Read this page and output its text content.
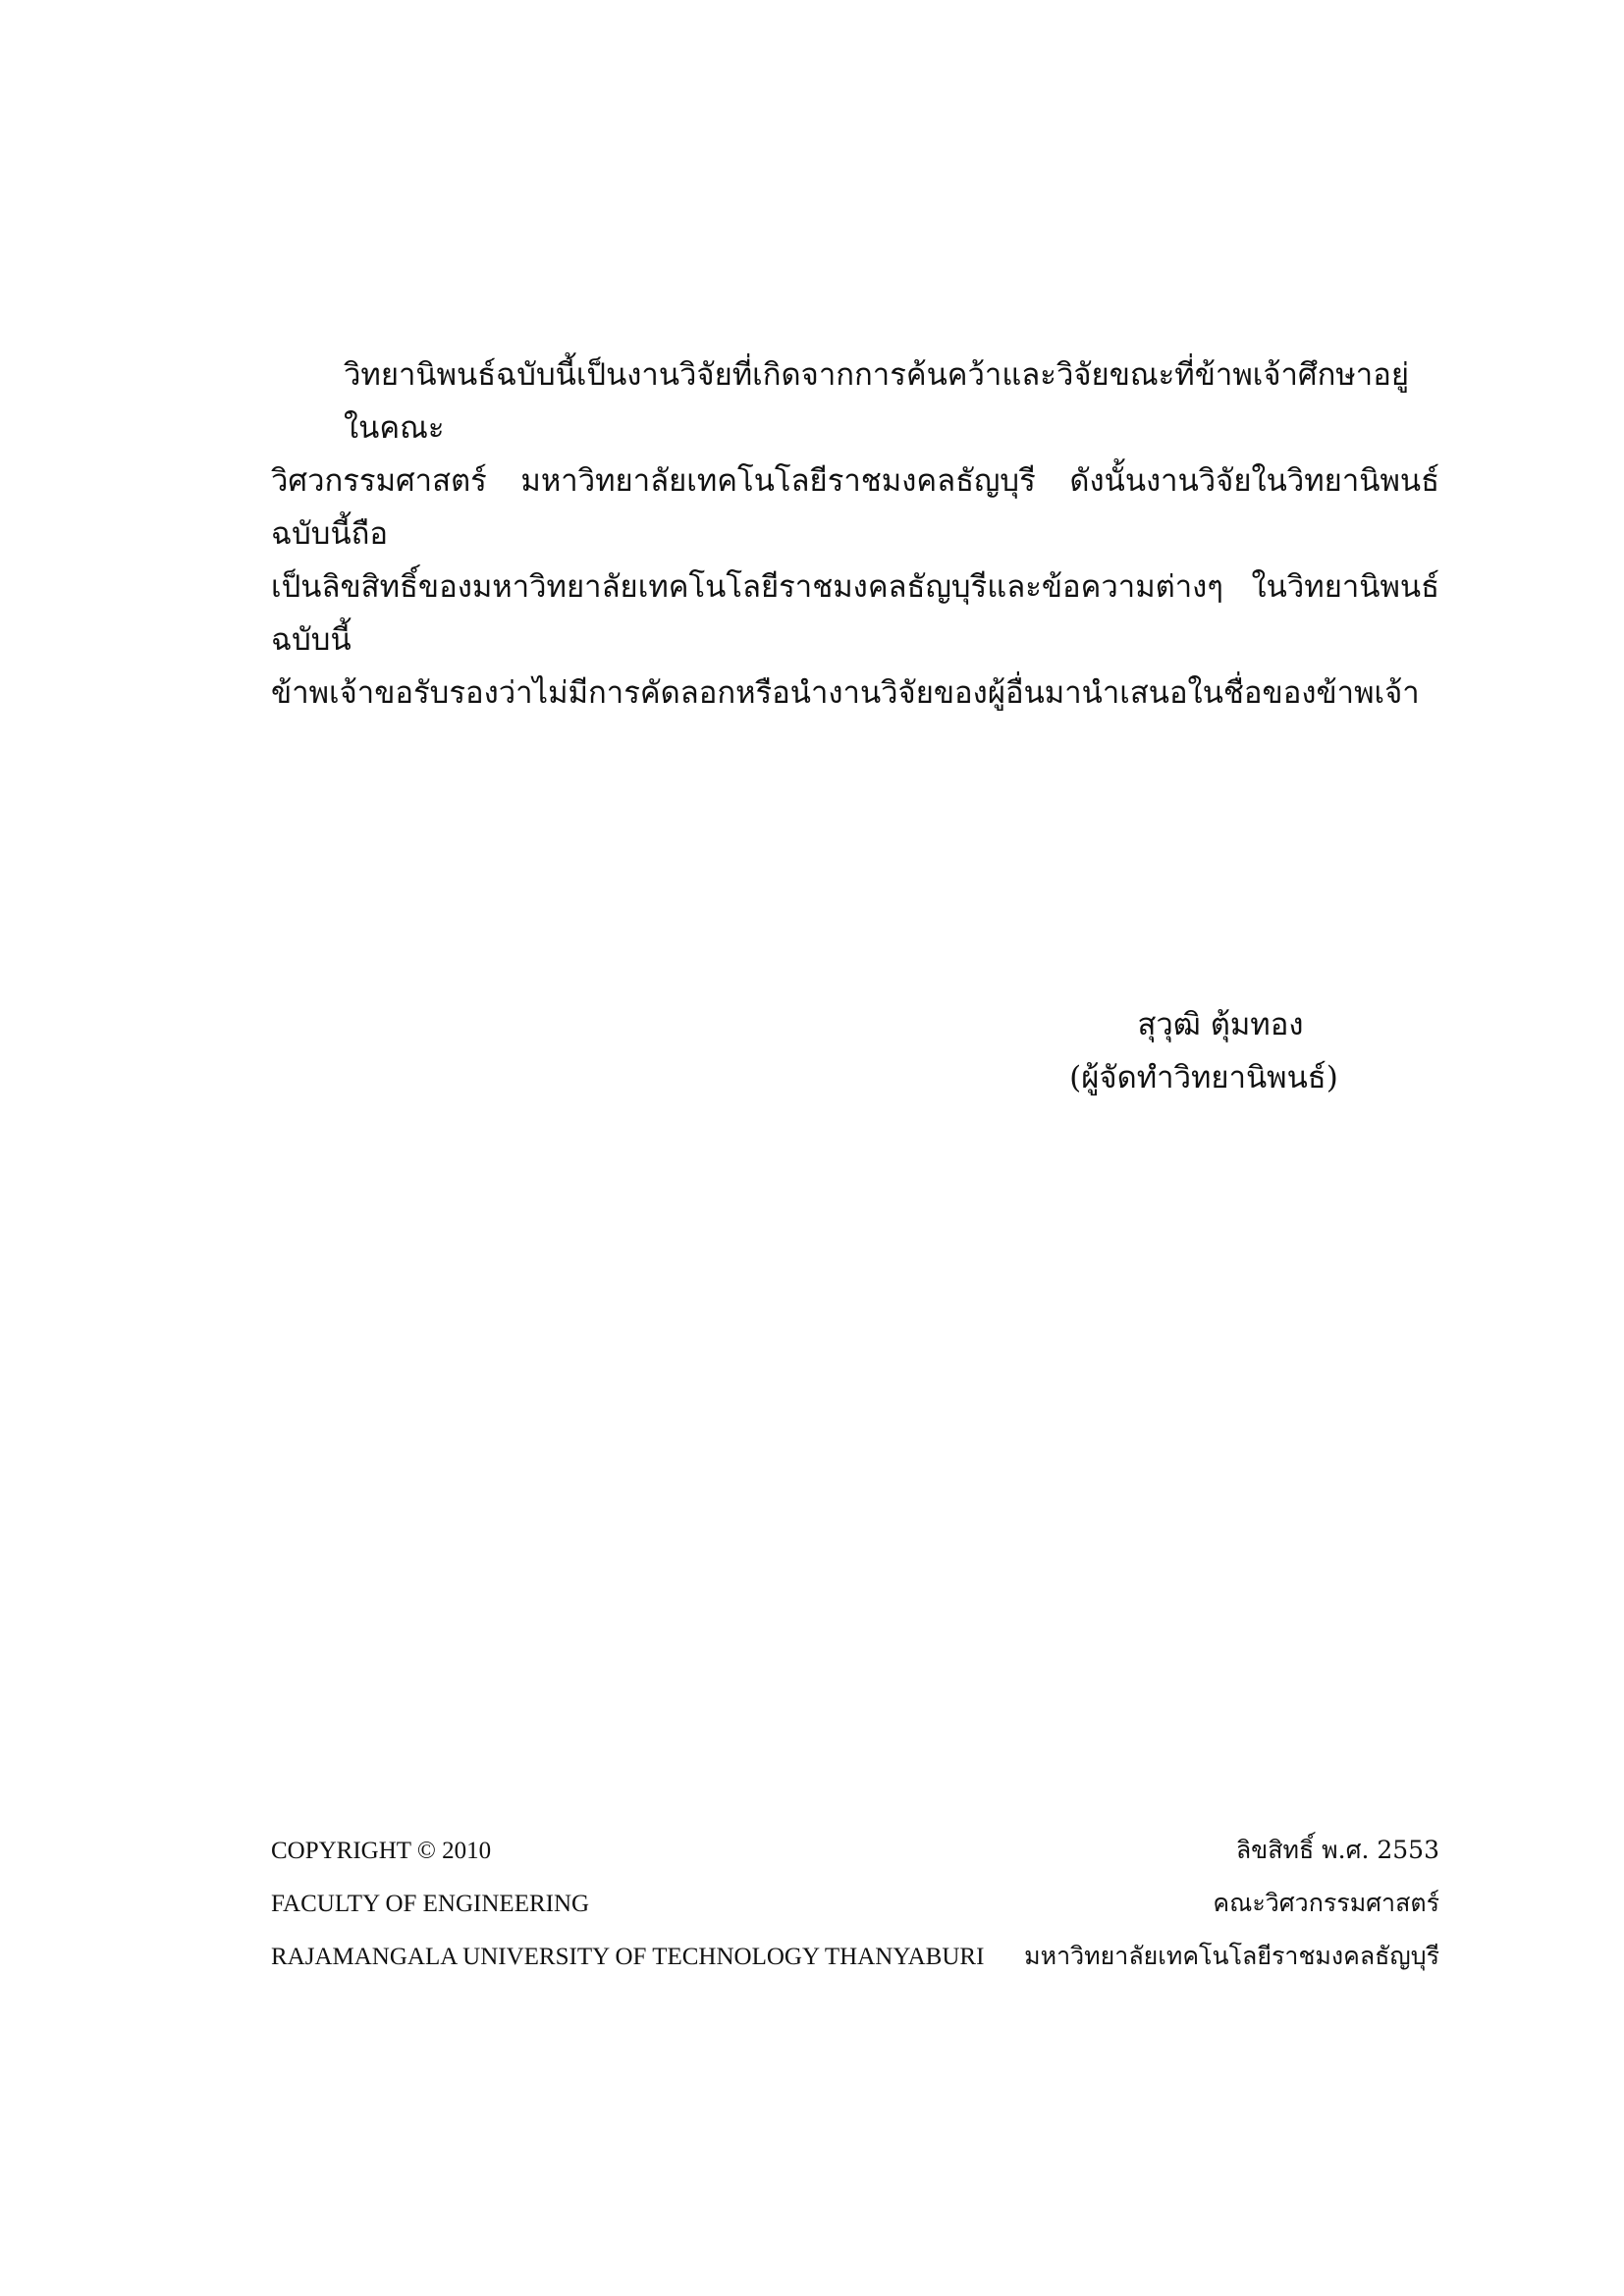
วิทยานิพนธ์ฉบับนี้เป็นงานวิจัยที่เกิดจากการค้นคว้าและวิจัยขณะที่ข้าพเจ้าศึกษาอยู่ในคณะ
วิศวกรรมศาสตร์ มหาวิทยาลัยเทคโนโลยีราชมงคลธัญบุรี ดังนั้นงานวิจัยในวิทยานิพนธ์ฉบับนี้ถือ
เป็นลิขสิทธิ์ของมหาวิทยาลัยเทคโนโลยีราชมงคลธัญบุรีและข้อความต่างๆ ในวิทยานิพนธ์ฉบับนี้
ข้าพเจ้าขอรับรองว่าไม่มีการคัดลอกหรือนำงานวิจัยของผู้อื่นมานำเสนอในชื่อของข้าพเจ้า
สุวุฒิ ตุ้มทอง
(ผู้จัดทำวิทยานิพนธ์)
COPYRIGHT © 2010	ลิขสิทธิ์ พ.ศ. 2553
FACULTY OF ENGINEERING	คณะวิศวกรรมศาสตร์
RAJAMANGALA UNIVERSITY OF TECHNOLOGY THANYABURI มหาวิทยาลัยเทคโนโลยีราชมงคลธัญบุรี
